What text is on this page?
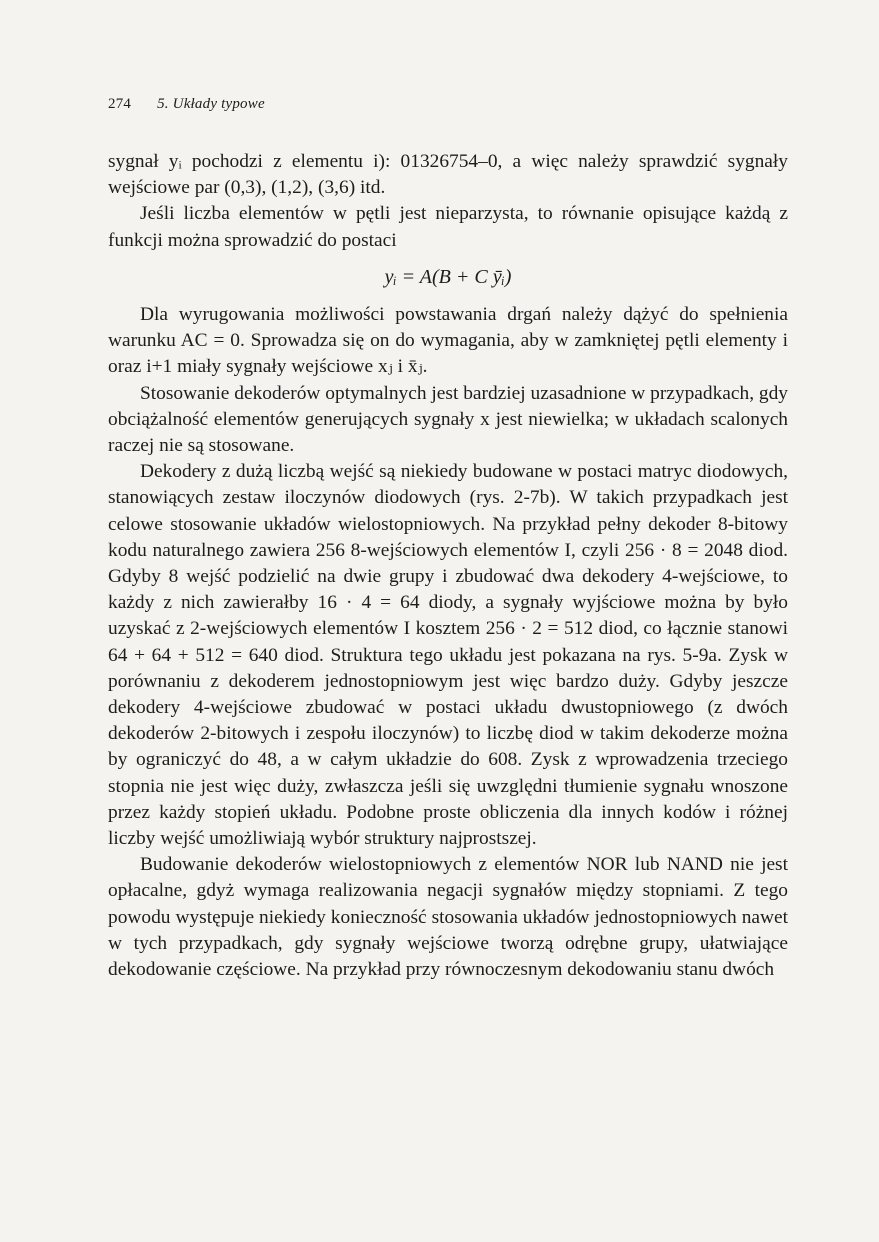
274 5. Układy typowe

sygnał yᵢ pochodzi z elementu i): 01326754–0, a więc należy sprawdzić sygnały wejściowe par (0,3), (1,2), (3,6) itd.

Jeśli liczba elementów w pętli jest nieparzysta, to równanie opisujące każdą z funkcji można sprowadzić do postaci

yᵢ = A(B + C ȳᵢ)

Dla wyrugowania możliwości powstawania drgań należy dążyć do spełnienia warunku AC = 0. Sprowadza się on do wymagania, aby w zamkniętej pętli elementy i oraz i+1 miały sygnały wejściowe xⱼ i x̄ⱼ.

Stosowanie dekoderów optymalnych jest bardziej uzasadnione w przypadkach, gdy obciążalność elementów generujących sygnały x jest niewielka; w układach scalonych raczej nie są stosowane.

Dekodery z dużą liczbą wejść są niekiedy budowane w postaci matryc diodowych, stanowiących zestaw iloczynów diodowych (rys. 2-7b). W takich przypadkach jest celowe stosowanie układów wielostopniowych. Na przykład pełny dekoder 8-bitowy kodu naturalnego zawiera 256 8-wejściowych elementów I, czyli 256 · 8 = 2048 diod. Gdyby 8 wejść podzielić na dwie grupy i zbudować dwa dekodery 4-wejściowe, to każdy z nich zawierałby 16 · 4 = 64 diody, a sygnały wyjściowe można by było uzyskać z 2-wejściowych elementów I kosztem 256 · 2 = 512 diod, co łącznie stanowi 64 + 64 + 512 = 640 diod. Struktura tego układu jest pokazana na rys. 5-9a. Zysk w porównaniu z dekoderem jednostopniowym jest więc bardzo duży. Gdyby jeszcze dekodery 4-wejściowe zbudować w postaci układu dwustopniowego (z dwóch dekoderów 2-bitowych i zespołu iloczynów) to liczbę diod w takim dekoderze można by ograniczyć do 48, a w całym układzie do 608. Zysk z wprowadzenia trzeciego stopnia nie jest więc duży, zwłaszcza jeśli się uwzględni tłumienie sygnału wnoszone przez każdy stopień układu. Podobne proste obliczenia dla innych kodów i różnej liczby wejść umożliwiają wybór struktury najprostszej.

Budowanie dekoderów wielostopniowych z elementów NOR lub NAND nie jest opłacalne, gdyż wymaga realizowania negacji sygnałów między stopniami. Z tego powodu występuje niekiedy konieczność stosowania układów jednostopniowych nawet w tych przypadkach, gdy sygnały wejściowe tworzą odrębne grupy, ułatwiające dekodowanie częściowe. Na przykład przy równoczesnym dekodowaniu stanu dwóch
